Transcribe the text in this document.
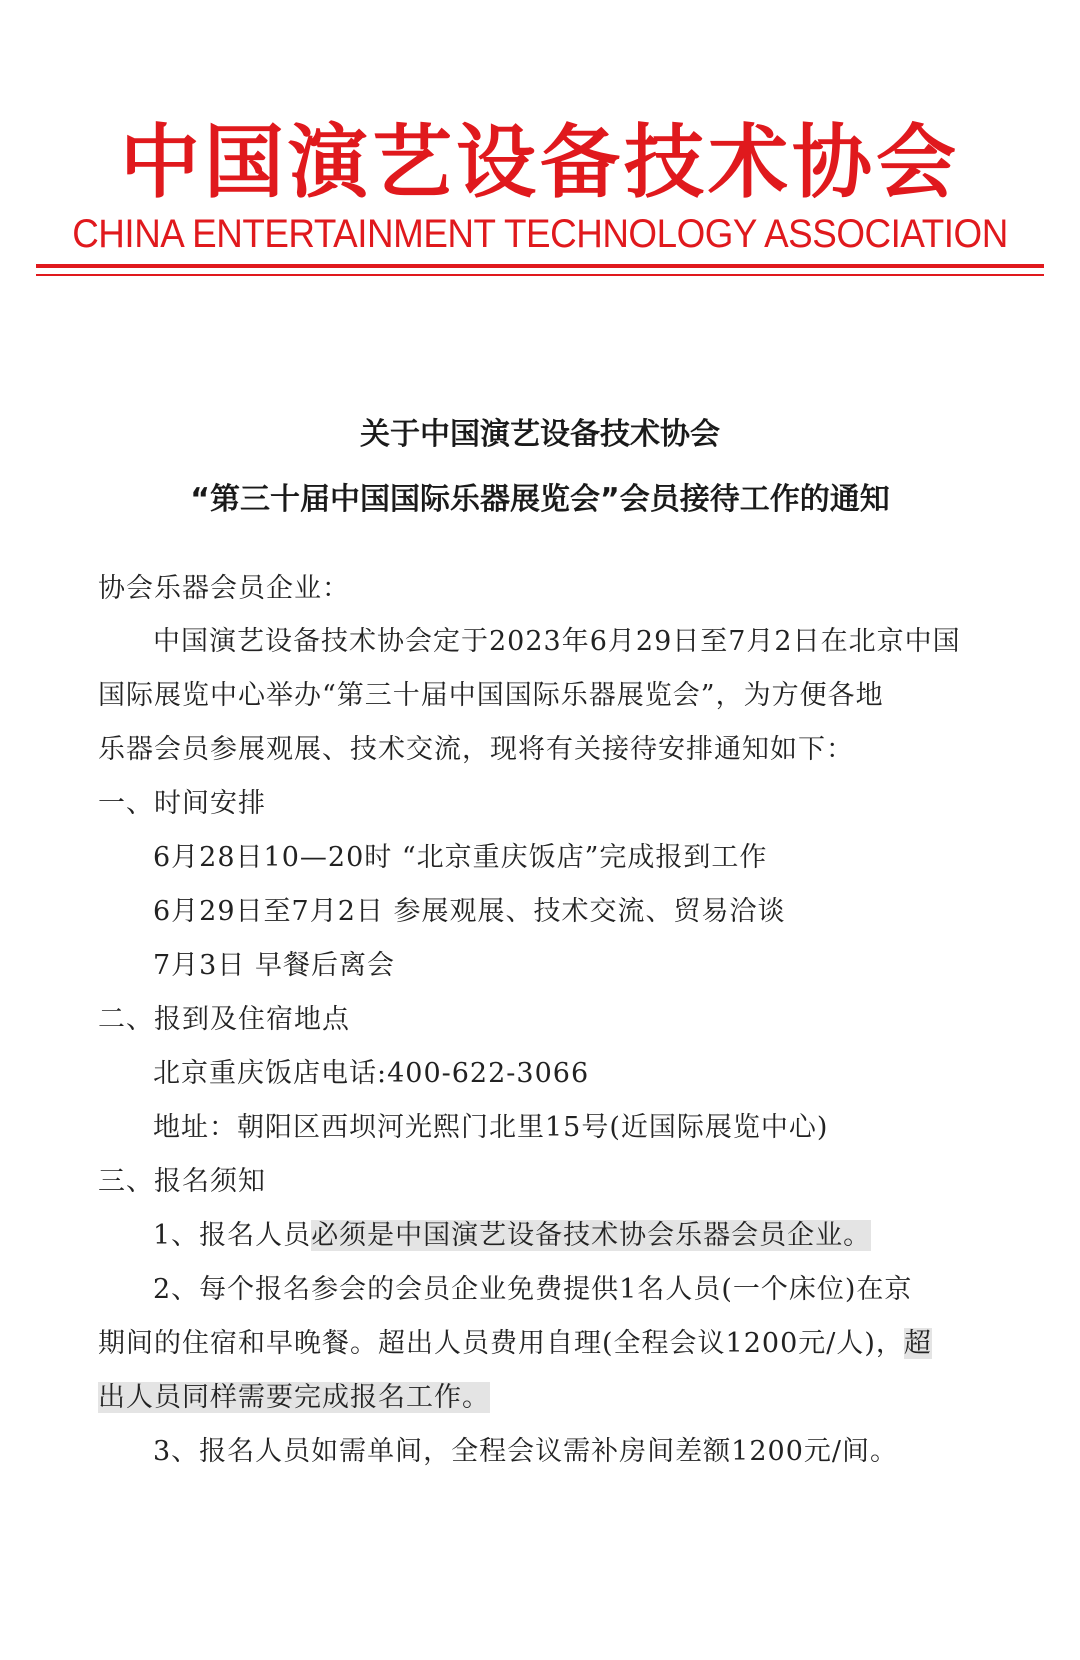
中国演艺设备技术协会
CHINA ENTERTAINMENT TECHNOLOGY ASSOCIATION
关于中国演艺设备技术协会
“第三十届中国国际乐器展览会”会员接待工作的通知
协会乐器会员企业：
中国演艺设备技术协会定于2023年6月29日至7月2日在北京中国
国际展览中心举办“第三十届中国国际乐器展览会”，为方便各地
乐器会员参展观展、技术交流，现将有关接待安排通知如下：
一、时间安排
6月28日10—20时 “北京重庆饭店”完成报到工作
6月29日至7月2日 参展观展、技术交流、贸易洽谈
7月3日 早餐后离会
二、报到及住宿地点
北京重庆饭店电话:400-622-3066
地址：朝阳区西坝河光熙门北里15号(近国际展览中心)
三、报名须知
1、报名人员必须是中国演艺设备技术协会乐器会员企业。
2、每个报名参会的会员企业免费提供1名人员(一个床位)在京
期间的住宿和早晚餐。超出人员费用自理(全程会议1200元/人)，超
出人员同样需要完成报名工作。
3、报名人员如需单间，全程会议需补房间差额1200元/间。
